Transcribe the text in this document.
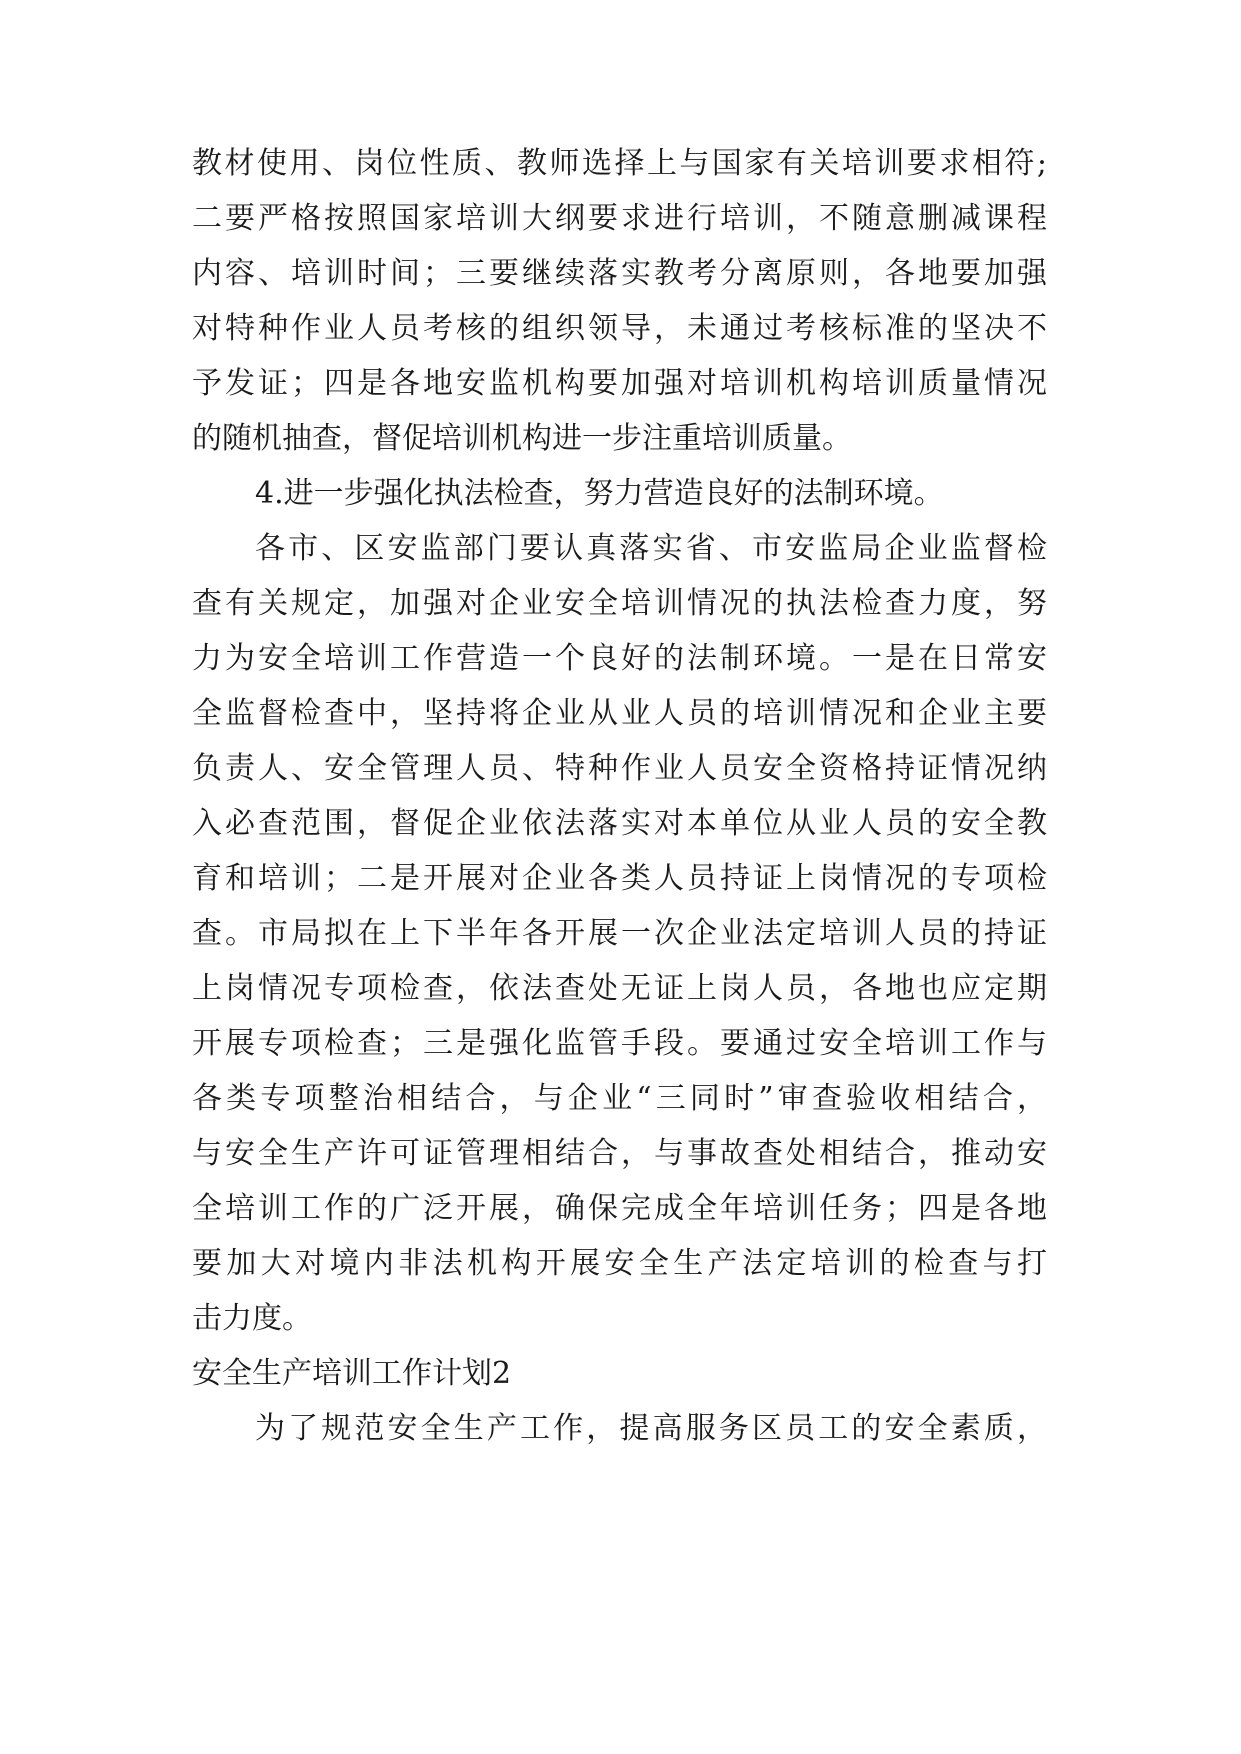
教材使用、岗位性质、教师选择上与国家有关培训要求相符;
二要严格按照国家培训大纲要求进行培训，不随意删减课程
内容、培训时间；三要继续落实教考分离原则，各地要加强
对特种作业人员考核的组织领导，未通过考核标准的坚决不
予发证；四是各地安监机构要加强对培训机构培训质量情况
的随机抽查，督促培训机构进一步注重培训质量。
4.进一步强化执法检查，努力营造良好的法制环境。
各市、区安监部门要认真落实省、市安监局企业监督检
查有关规定，加强对企业安全培训情况的执法检查力度，努
力为安全培训工作营造一个良好的法制环境。一是在日常安
全监督检查中，坚持将企业从业人员的培训情况和企业主要
负责人、安全管理人员、特种作业人员安全资格持证情况纳
入必查范围，督促企业依法落实对本单位从业人员的安全教
育和培训；二是开展对企业各类人员持证上岗情况的专项检
查。市局拟在上下半年各开展一次企业法定培训人员的持证
上岗情况专项检查，依法查处无证上岗人员，各地也应定期
开展专项检查；三是强化监管手段。要通过安全培训工作与
各类专项整治相结合，与企业“三同时”审查验收相结合，
与安全生产许可证管理相结合，与事故查处相结合，推动安
全培训工作的广泛开展，确保完成全年培训任务；四是各地
要加大对境内非法机构开展安全生产法定培训的检查与打
击力度。
安全生产培训工作计划2
为了规范安全生产工作，提高服务区员工的安全素质，
